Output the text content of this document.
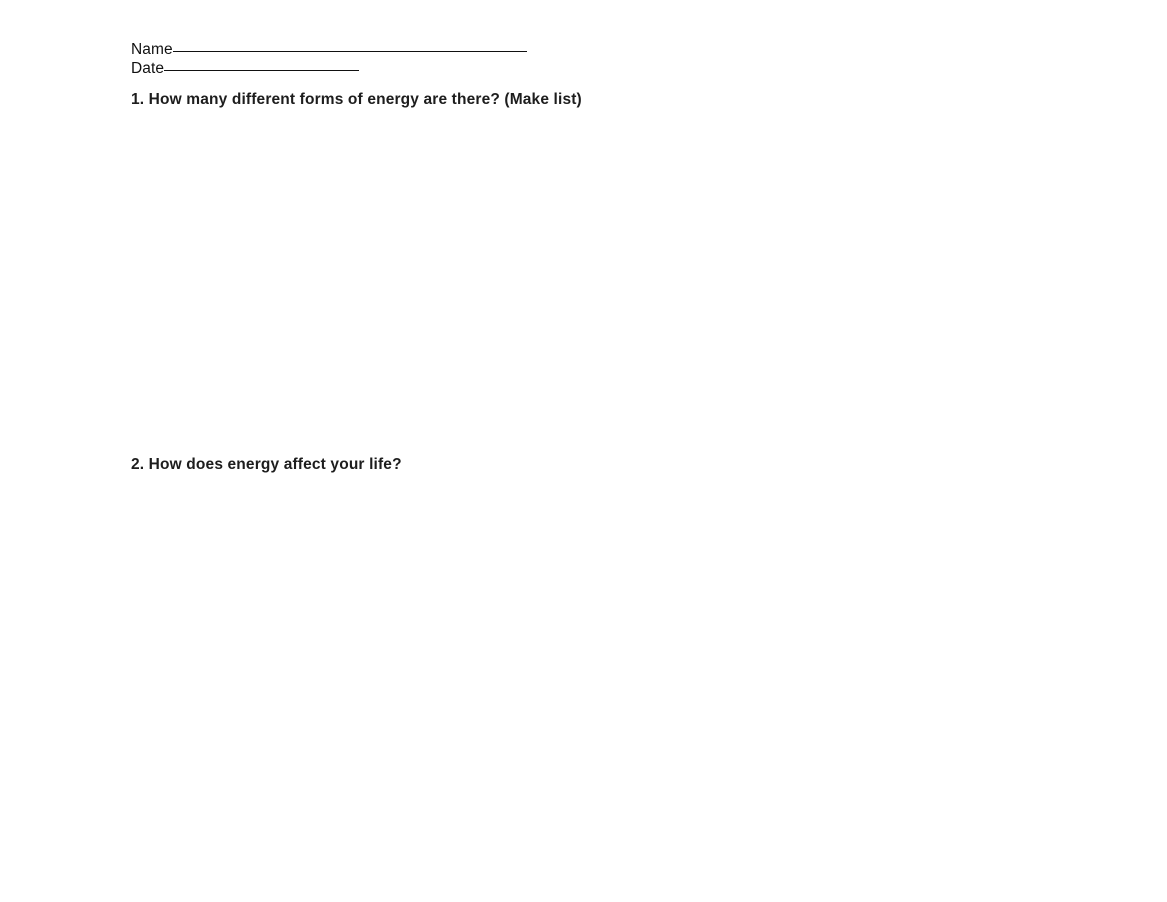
Name
Date
1. How many different forms of energy are there? (Make list)
2. How does energy affect your life?
